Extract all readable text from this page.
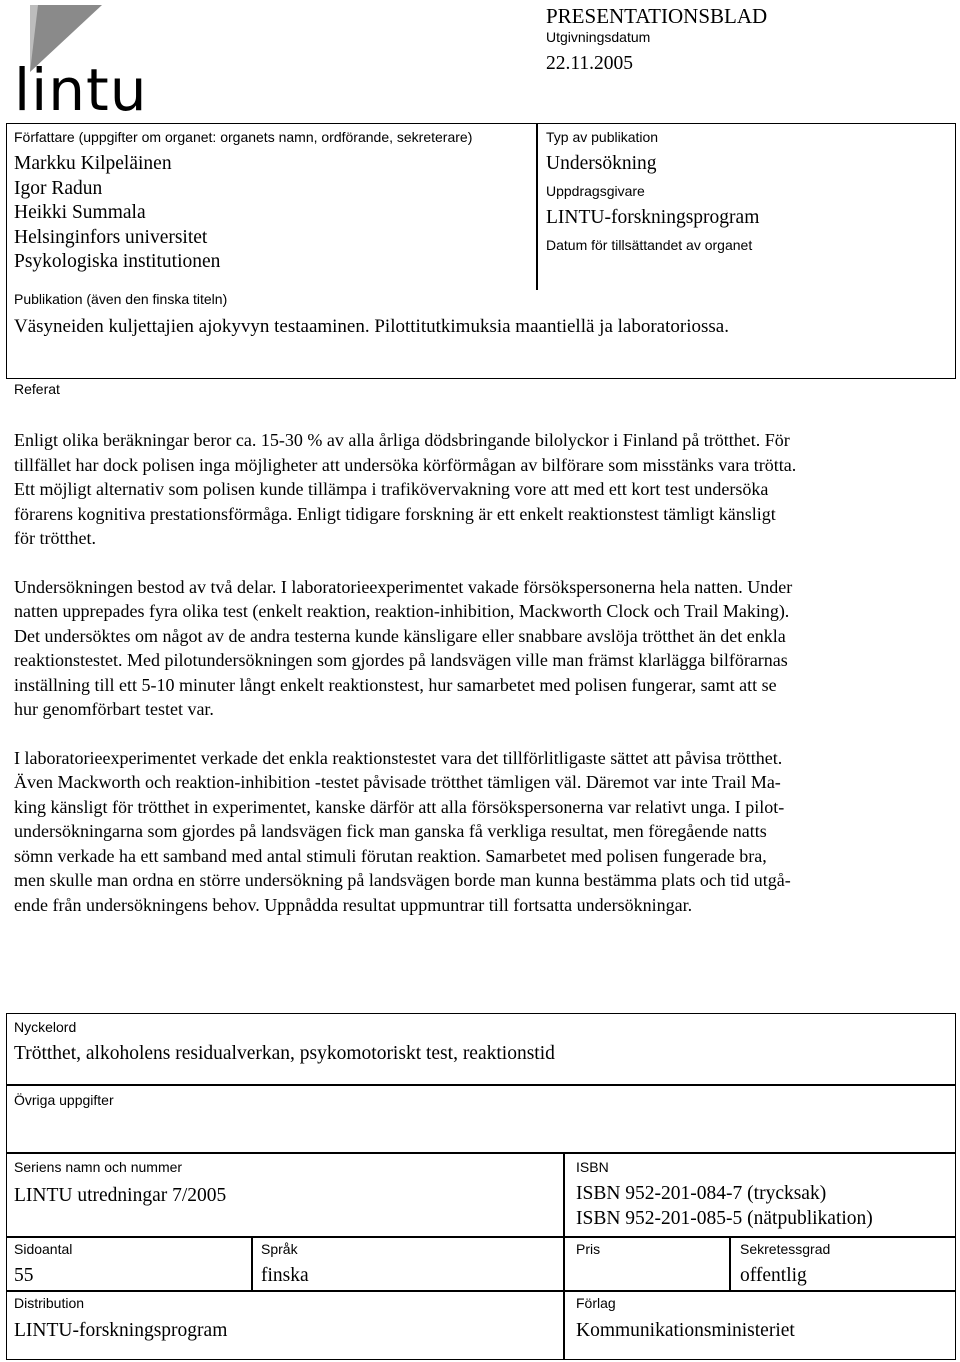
lintu
PRESENTATIONSBLAD
Utgivningsdatum
22.11.2005
Författare (uppgifter om organet: organets namn, ordförande, sekreterare)
Markku Kilpeläinen
Igor Radun
Heikki Summala
Helsinginfors universitet
Psykologiska institutionen
Typ av publikation
Undersökning
Uppdragsgivare
LINTU-forskningsprogram
Datum för tillsättandet av organet
Publikation (även den finska titeln)
Väsyneiden kuljettajien ajokyvyn testaaminen. Pilottitutkimuksia maantiellä ja laboratoriossa.
Referat

Enligt olika beräkningar beror ca. 15-30 % av alla årliga dödsbringande bilolyckor i Finland på trötthet. För
tillfället har dock polisen inga möjligheter att undersöka körförmågan av bilförare som misstänks vara trötta.
Ett möjligt alternativ som polisen kunde tillämpa i trafikövervakning vore att med ett kort test undersöka
förarens kognitiva prestationsförmåga. Enligt tidigare forskning är ett enkelt reaktionstest tämligt känsligt
för trötthet.

Undersökningen bestod av två delar. I laboratorieexperimentet vakade försökspersonerna hela natten. Under
natten upprepades fyra olika test (enkelt reaktion, reaktion-inhibition, Mackworth Clock och Trail Making).
Det undersöktes om något av de andra testerna kunde känsligare eller snabbare avslöja trötthet än det enkla
reaktionstestet. Med pilotundersökningen som gjordes på landsvägen ville man främst klarlägga bilförarnas
inställning till ett 5-10 minuter långt enkelt reaktionstest, hur samarbetet med polisen fungerar, samt att se
hur genomförbart testet var.

I laboratorieexperimentet verkade det enkla reaktionstestet vara det tillförlitligaste sättet att påvisa trötthet.
Även Mackworth och reaktion-inhibition -testet påvisade trötthet tämligen väl. Däremot var inte Trail Ma-
king känsligt för trötthet in experimentet, kanske därför att alla försökspersonerna var relativt unga. I pilot-
undersökningarna som gjordes på landsvägen fick man ganska få verkliga resultat, men föregående natts
sömn verkade ha ett samband med antal stimuli förutan reaktion. Samarbetet med polisen fungerade bra,
men skulle man ordna en större undersökning på landsvägen borde man kunna bestämma plats och tid utgå-
ende från undersökningens behov. Uppnådda resultat uppmuntrar till fortsatta undersökningar.

Nyckelord
Trötthet, alkoholens residualverkan, psykomotoriskt test, reaktionstid
Övriga uppgifter
Seriens namn och nummer
LINTU utredningar 7/2005
ISBN
ISBN 952-201-084-7 (trycksak)
ISBN 952-201-085-5 (nätpublikation)
Sidoantal
55
Språk
finska
Pris	Sekretessgrad
offentlig
Distribution
LINTU-forskningsprogram
Förlag
Kommunikationsministeriet
